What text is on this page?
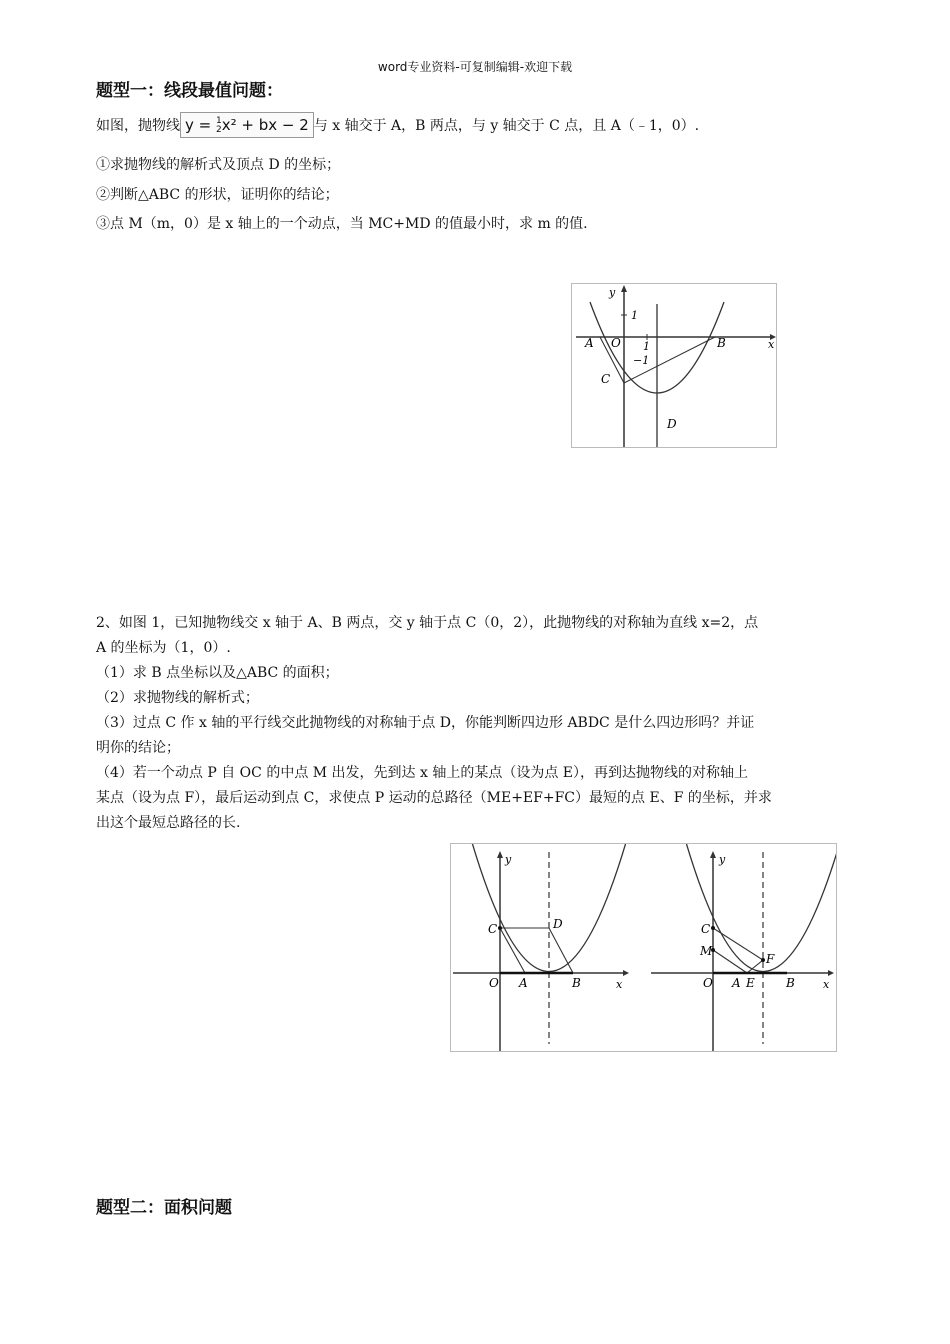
word专业资料-可复制编辑-欢迎下载
题型一：线段最值问题：
如图，抛物线 y = 1
2x² + bx − 2 与 x 轴交于 A，B 两点，与 y 轴交于 C 点，且 A（﹣1，0）.
①求抛物线的解析式及顶点 D 的坐标；
②判断△ABC 的形状，证明你的结论；
③点 M（m，0）是 x 轴上的一个动点，当 MC+MD 的值最小时，求 m 的值.
A O	B
C
D
x
y
1
1
−1
2、如图 1，已知抛物线交 x 轴于 A、B 两点，交 y 轴于点 C（0，2），此抛物线的对称轴为直线 x=2，点
A 的坐标为（1，0）.
（1）求 B 点坐标以及△ABC 的面积；
（2）求抛物线的解析式；
（3）过点 C 作 x 轴的平行线交此抛物线的对称轴于点 D，你能判断四边形 ABDC 是什么四边形吗？并证
明你的结论；
（4）若一个动点 P 自 OC 的中点 M 出发，先到达 x 轴上的某点（设为点 E），再到达抛物线的对称轴上
某点（设为点 F），最后运动到点 C，求使点 P 运动的总路径（ME+EF+FC）最短的点 E、F 的坐标，并求
出这个最短总路径的长.
C	D
O A	B	x
y
C
M
F
O A E	B	x
y
题型二：面积问题
